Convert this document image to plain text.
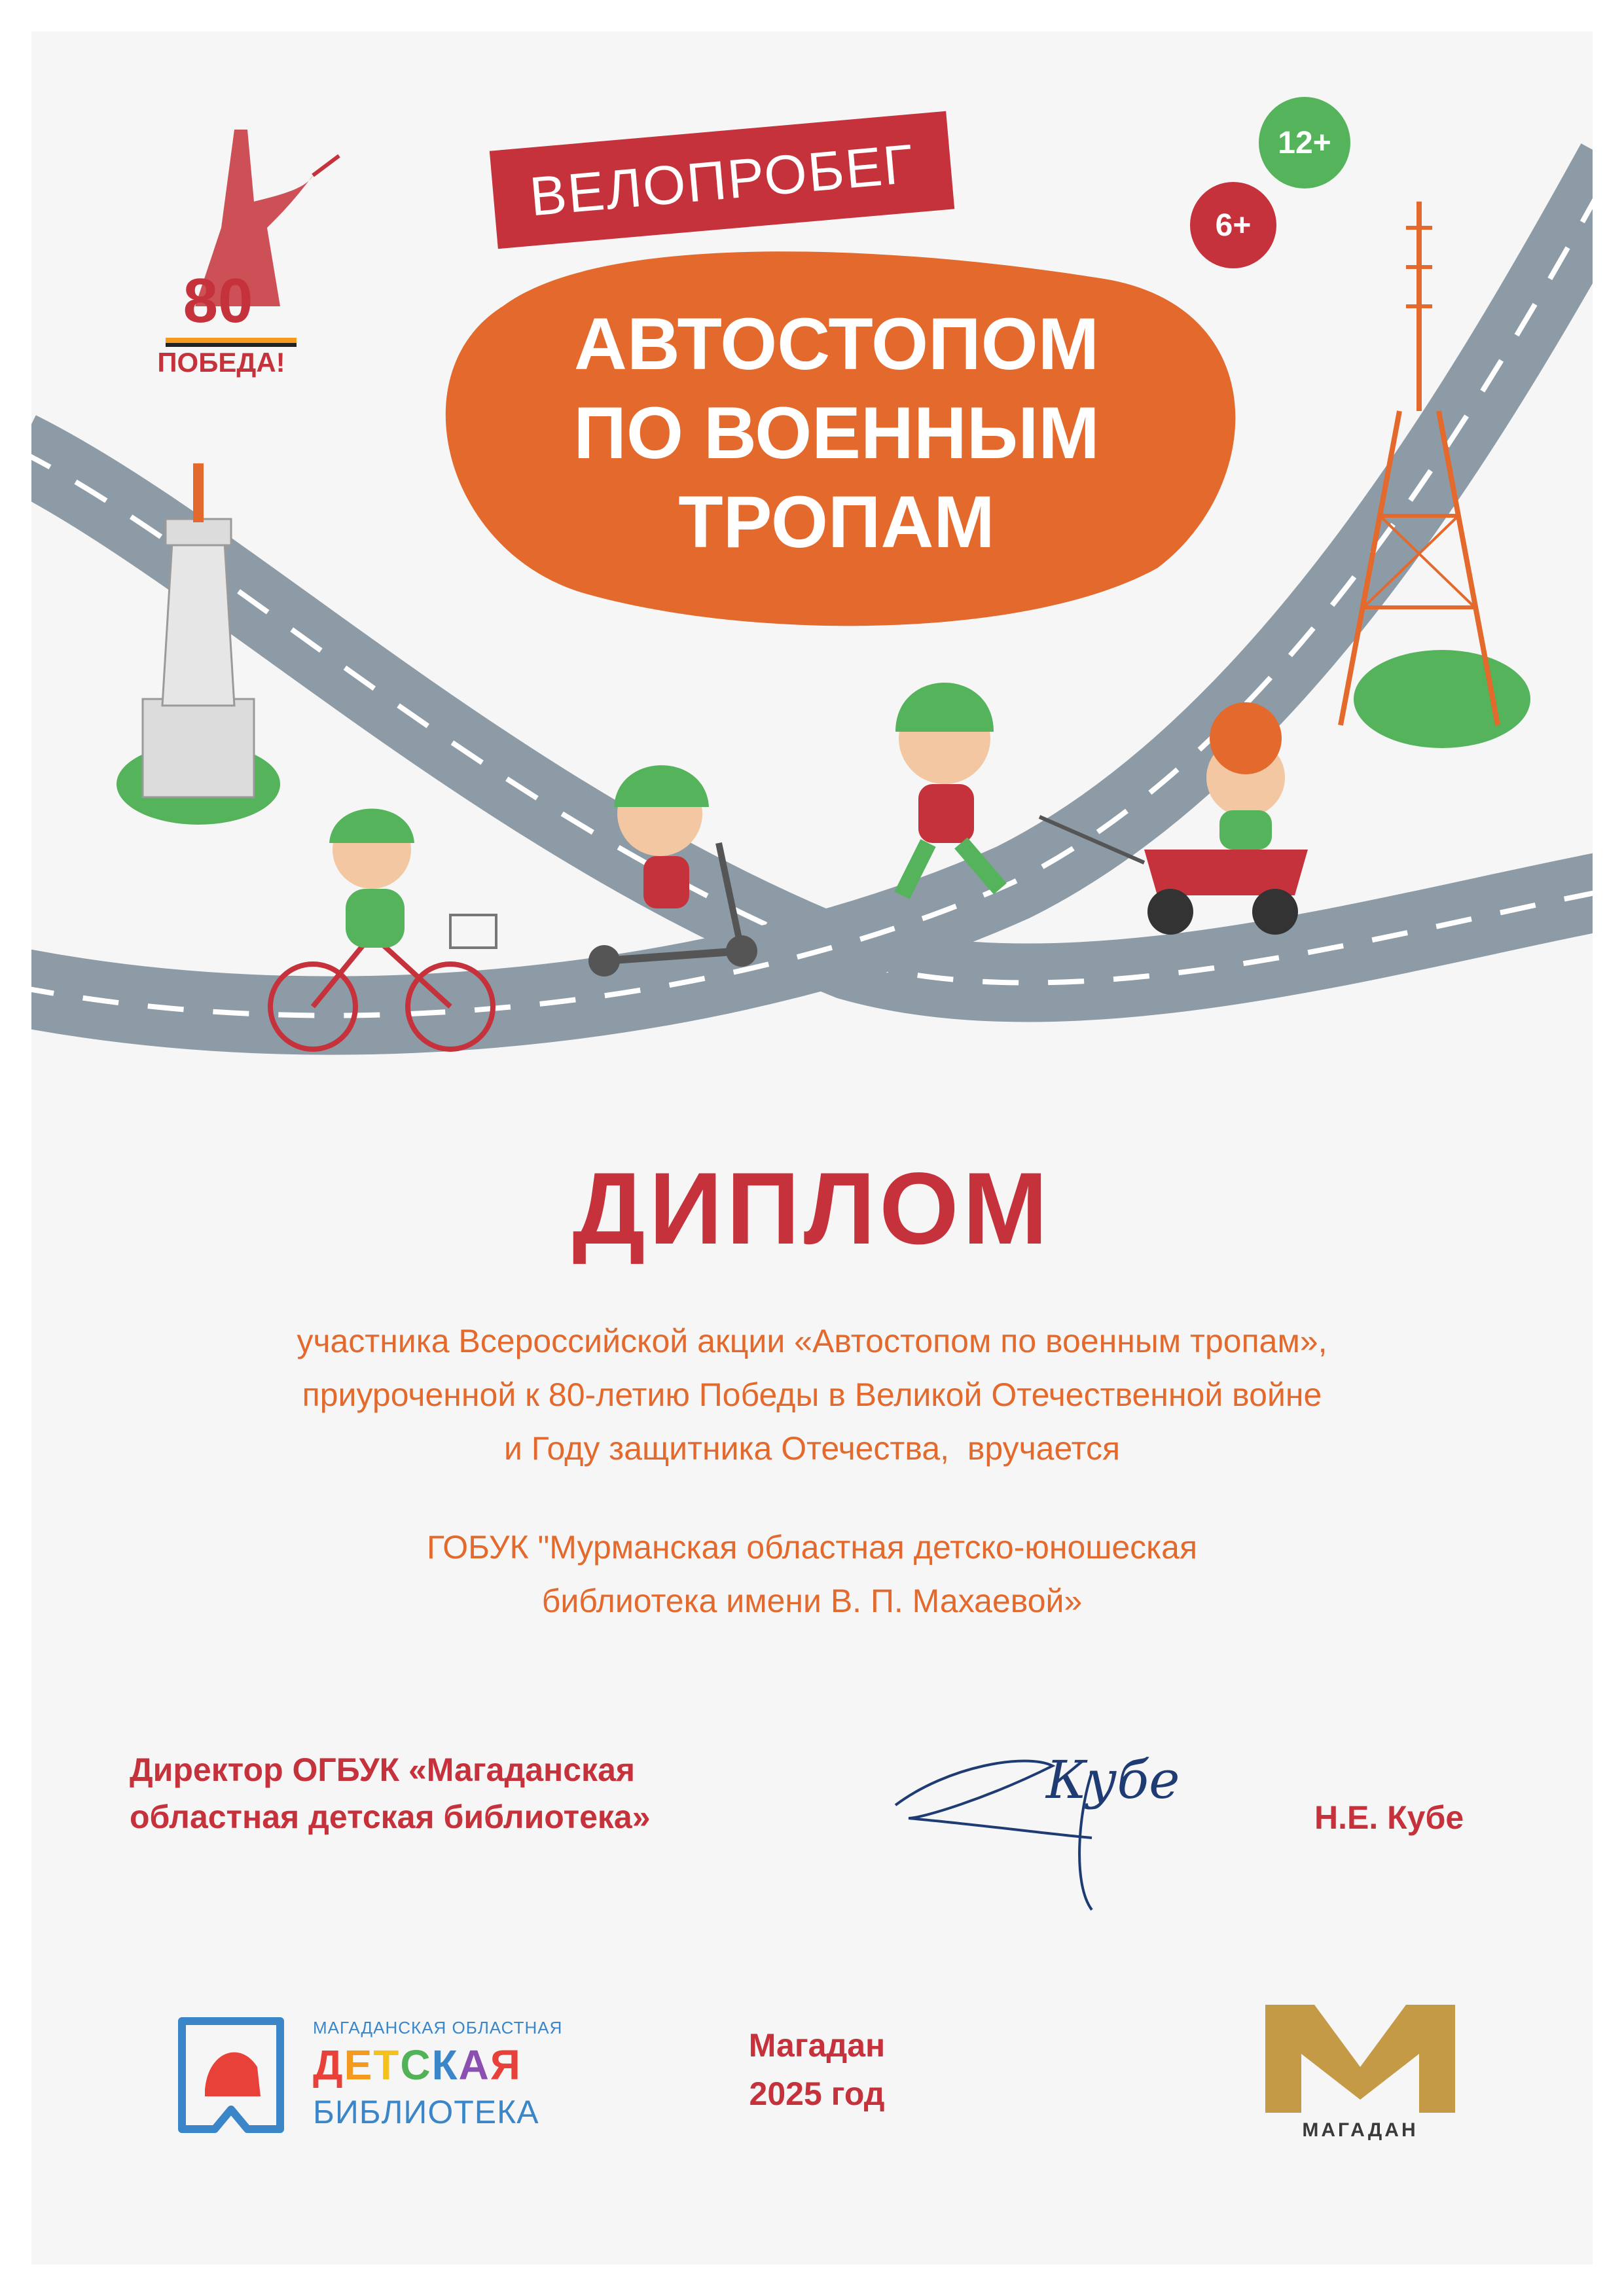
ВЕЛОПРОБЕГ
АВТОСТОПОМ
ПО ВОЕННЫМ
ТРОПАМ
12+
6+
80
ПОБЕДА!
ДИПЛОМ
участника Всероссийской акции «Автостопом по военным тропам»,
приуроченной к 80-летию Победы в Великой Отечественной войне
и Году защитника Отечества,  вручается
ГОБУК "Мурманская областная детско-юношеская
библиотека имени В. П. Махаевой»
Директор ОГБУК «Магаданская
областная детская библиотека»
Кубе
Н.Е. Кубе
Магадан
2025 год
МАГАДАНСКАЯ ОБЛАСТНАЯ
ДЕТСКАЯ
БИБЛИОТЕКА	МАГАДАН
